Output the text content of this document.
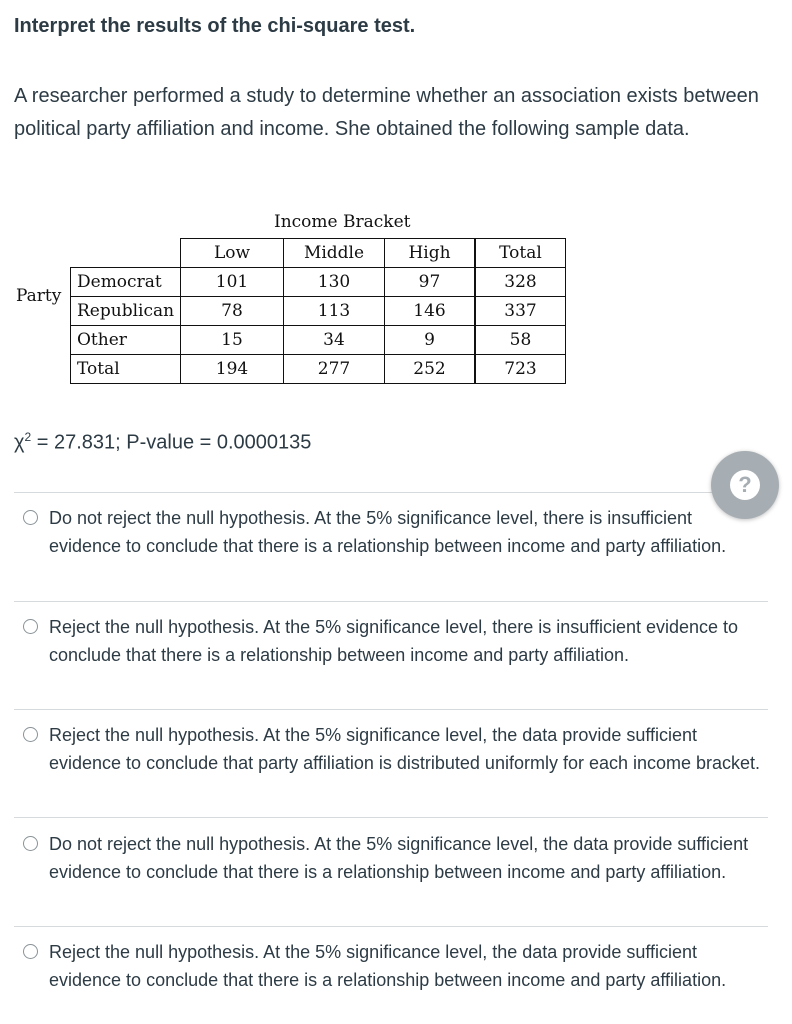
Interpret the results of the chi-square test.
A researcher performed a study to determine whether an association exists between political party affiliation and income. She obtained the following sample data.
Income Bracket
Party
	Low	Middle	High	Total
Democrat	101	130	97	328
Republican	78	113	146	337
Other	15	34	9	58
Total	194	277	252	723
$\chi^2 = 27.831$; P-value = 0.0000135
Do not reject the null hypothesis. At the 5% significance level, there is insufficient evidence to conclude that there is a relationship between income and party affiliation.
?
Reject the null hypothesis. At the 5% significance level, there is insufficient evidence to conclude that there is a relationship between income and party affiliation.
Reject the null hypothesis. At the 5% significance level, the data provide sufficient evidence to conclude that party affiliation is distributed uniformly for each income bracket.
Do not reject the null hypothesis. At the 5% significance level, the data provide sufficient evidence to conclude that there is a relationship between income and party affiliation.
Reject the null hypothesis. At the 5% significance level, the data provide sufficient evidence to conclude that there is a relationship between income and party affiliation.
